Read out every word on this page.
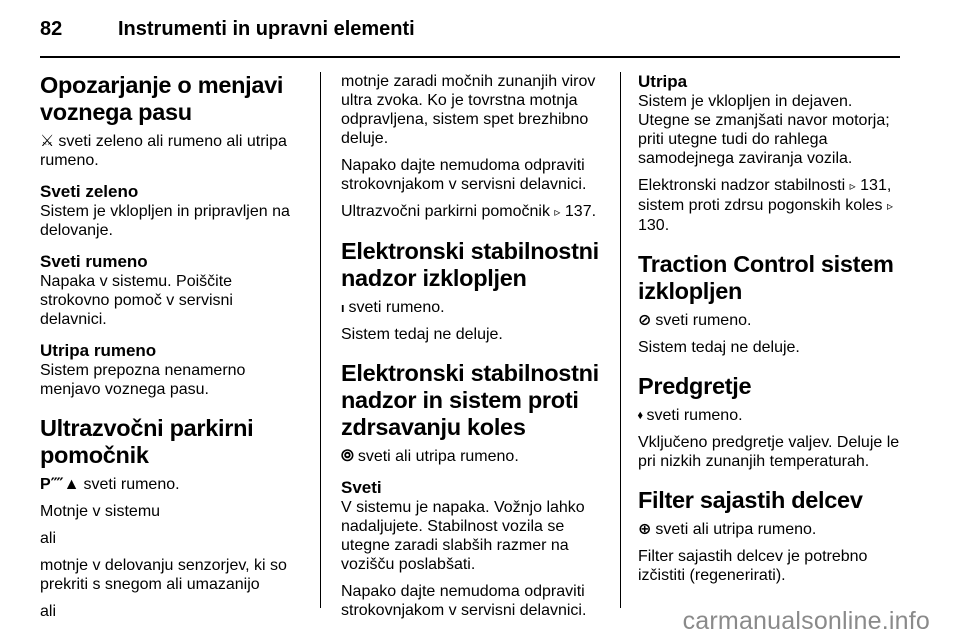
82	Instrumenti in upravni elementi
Opozarjanje o menjavi voznega pasu

⚔ sveti zeleno ali rumeno ali utripa rumeno.

Sveti zeleno

Sistem je vklopljen in pripravljen na delovanje.

Sveti rumeno

Napaka v sistemu. Poiščite strokovno pomoč v servisni delavnici.

Utripa rumeno

Sistem prepozna nenamerno menjavo voznega pasu.

Ultrazvočni parkirni pomočnik

P⁗▲ sveti rumeno.

Motnje v sistemu

ali

motnje v delovanju senzorjev, ki so prekriti s snegom ali umazanijo

ali

motnje zaradi močnih zunanjih virov ultra zvoka. Ko je tovrstna motnja odpravljena, sistem spet brezhibno deluje.

Napako dajte nemudoma odpraviti strokovnjakom v servisni delavnici.

Ultrazvočni parkirni pomočnik ▹ 137.

Elektronski stabilnostni nadzor izklopljen

ₗ sveti rumeno.

Sistem tedaj ne deluje.

Elektronski stabilnostni nadzor in sistem proti zdrsavanju koles

⦾ sveti ali utripa rumeno.

Sveti

V sistemu je napaka. Vožnjo lahko nadaljujete. Stabilnost vozila se utegne zaradi slabših razmer na vozišču poslabšati.

Napako dajte nemudoma odpraviti strokovnjakom v servisni delavnici.

Utripa

Sistem je vklopljen in dejaven. Utegne se zmanjšati navor motorja; priti utegne tudi do rahlega samodejnega zaviranja vozila.

Elektronski nadzor stabilnosti ▹ 131, sistem proti zdrsu pogonskih koles ▹ 130.

Traction Control sistem izklopljen

⊘ sveti rumeno.

Sistem tedaj ne deluje.

Predgretje

⬪ sveti rumeno.

Vključeno predgretje valjev. Deluje le pri nizkih zunanjih temperaturah.

Filter sajastih delcev

⊕ sveti ali utripa rumeno.

Filter sajastih delcev je potrebno izčistiti (regenerirati).

carmanualsonline.info
